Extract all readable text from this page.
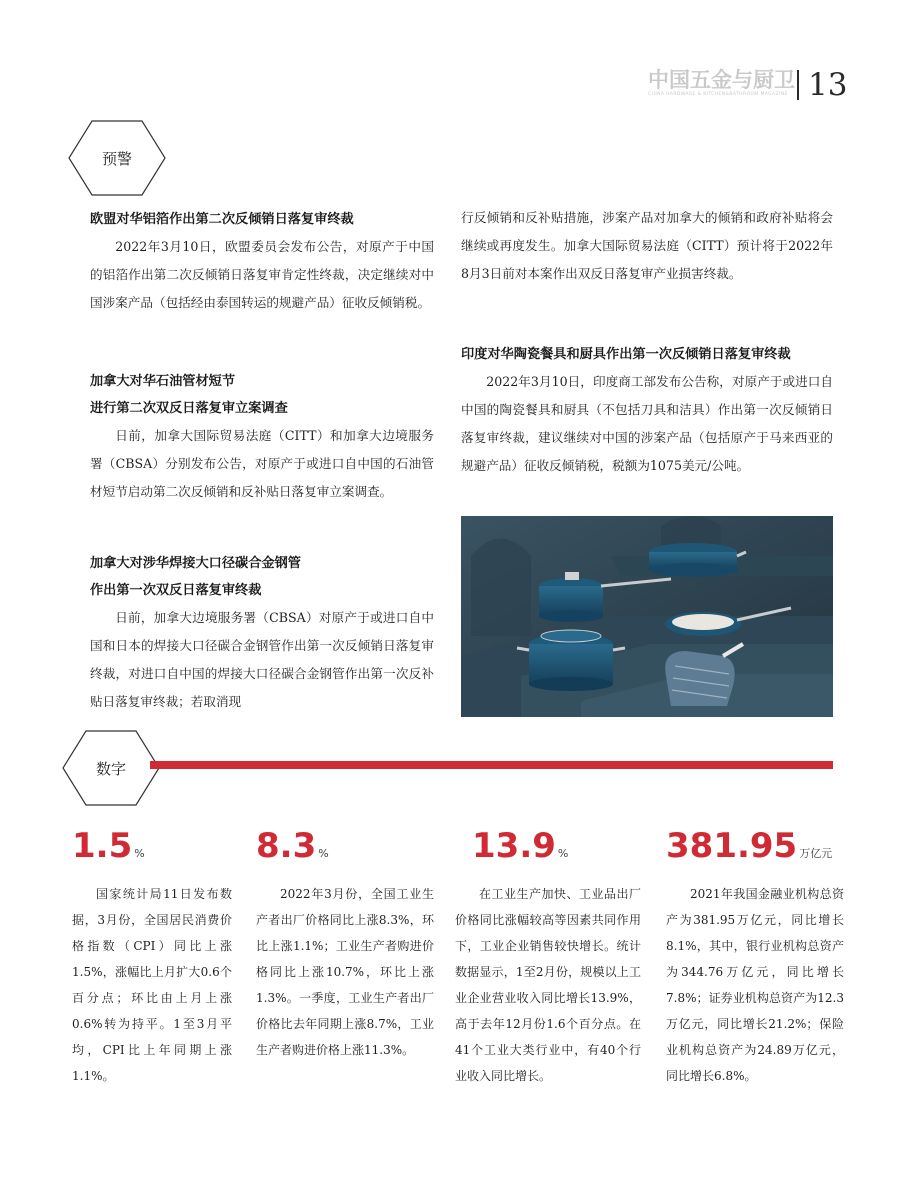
中国五金与厨卫
CHINA HARDWARE & KITCHEN&BATHROOM MAGAZINE 13
预警
欧盟对华铝箔作出第二次反倾销日落复审终裁
2022年3月10日，欧盟委员会发布公告，对原产于中国的铝箔作出第二次反倾销日落复审肯定性终裁，决定继续对中国涉案产品（包括经由泰国转运的规避产品）征收反倾销税。
加拿大对华石油管材短节
进行第二次双反日落复审立案调查
日前，加拿大国际贸易法庭（CITT）和加拿大边境服务署（CBSA）分别发布公告，对原产于或进口自中国的石油管材短节启动第二次反倾销和反补贴日落复审立案调查。
加拿大对涉华焊接大口径碳合金钢管
作出第一次双反日落复审终裁
日前，加拿大边境服务署（CBSA）对原产于或进口自中国和日本的焊接大口径碳合金钢管作出第一次反倾销日落复审终裁，对进口自中国的焊接大口径碳合金钢管作出第一次反补贴日落复审终裁；若取消现
行反倾销和反补贴措施，涉案产品对加拿大的倾销和政府补贴将会继续或再度发生。加拿大国际贸易法庭（CITT）预计将于2022年8月3日前对本案作出双反日落复审产业损害终裁。
印度对华陶瓷餐具和厨具作出第一次反倾销日落复审终裁
2022年3月10日，印度商工部发布公告称，对原产于或进口自中国的陶瓷餐具和厨具（不包括刀具和洁具）作出第一次反倾销日落复审终裁，建议继续对中国的涉案产品（包括原产于马来西亚的规避产品）征收反倾销税，税额为1075美元/公吨。
数字
1.5 %
国家统计局11日发布数据，3月份，全国居民消费价格指数（CPI）同比上涨1.5%，涨幅比上月扩大0.6个百分点；环比由上月上涨0.6%转为持平。1至3月平均，CPI比上年同期上涨1.1%。
8.3 %
2022年3月份，全国工业生产者出厂价格同比上涨8.3%，环比上涨1.1%；工业生产者购进价格同比上涨10.7%，环比上涨1.3%。一季度，工业生产者出厂价格比去年同期上涨8.7%，工业生产者购进价格上涨11.3%。
13.9 %
在工业生产加快、工业品出厂价格同比涨幅较高等因素共同作用下，工业企业销售较快增长。统计数据显示，1至2月份，规模以上工业企业营业收入同比增长13.9%，高于去年12月份1.6个百分点。在41个工业大类行业中，有40个行业收入同比增长。
381.95 万亿元
2021年我国金融业机构总资产为381.95万亿元，同比增长8.1%，其中，银行业机构总资产为344.76万亿元，同比增长7.8%；证券业机构总资产为12.3万亿元，同比增长21.2%；保险业机构总资产为24.89万亿元，同比增长6.8%。
